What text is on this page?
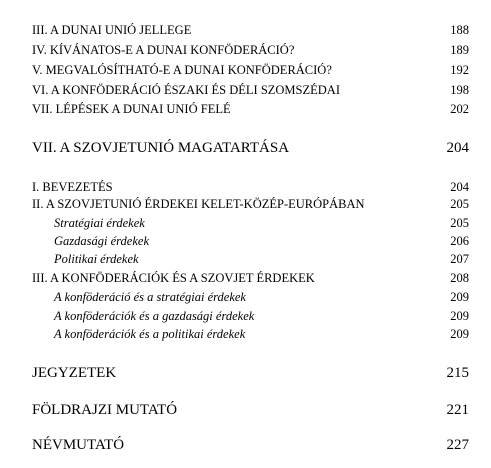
III. A DUNAI UNIÓ JELLEGE	188
IV. KÍVÁNATOS-E A DUNAI KONFÖDERÁCIÓ?	189
V. MEGVALÓSÍTHATÓ-E A DUNAI KONFÖDERÁCIÓ?	192
VI. A KONFÖDERÁCIÓ ÉSZAKI ÉS DÉLI SZOMSZÉDAI	198
VII. LÉPÉSEK A DUNAI UNIÓ FELÉ	202
VII. A SZOVJETUNIÓ MAGATARTÁSA	204
I. BEVEZETÉS	204
II. A SZOVJETUNIÓ ÉRDEKEI KELET-KÖZÉP-EURÓPÁBAN	205
Stratégiai érdekek	205
Gazdasági érdekek	206
Politikai érdekek	207
III. A KONFÖDERÁCIÓK ÉS A SZOVJET ÉRDEKEK	208
A konföderáció és a stratégiai érdekek	209
A konföderációk és a gazdasági érdekek	209
A konföderációk és a politikai érdekek	209
JEGYZETEK	215
FÖLDRAJZI MUTATÓ	221
NÉVMUTATÓ	227
